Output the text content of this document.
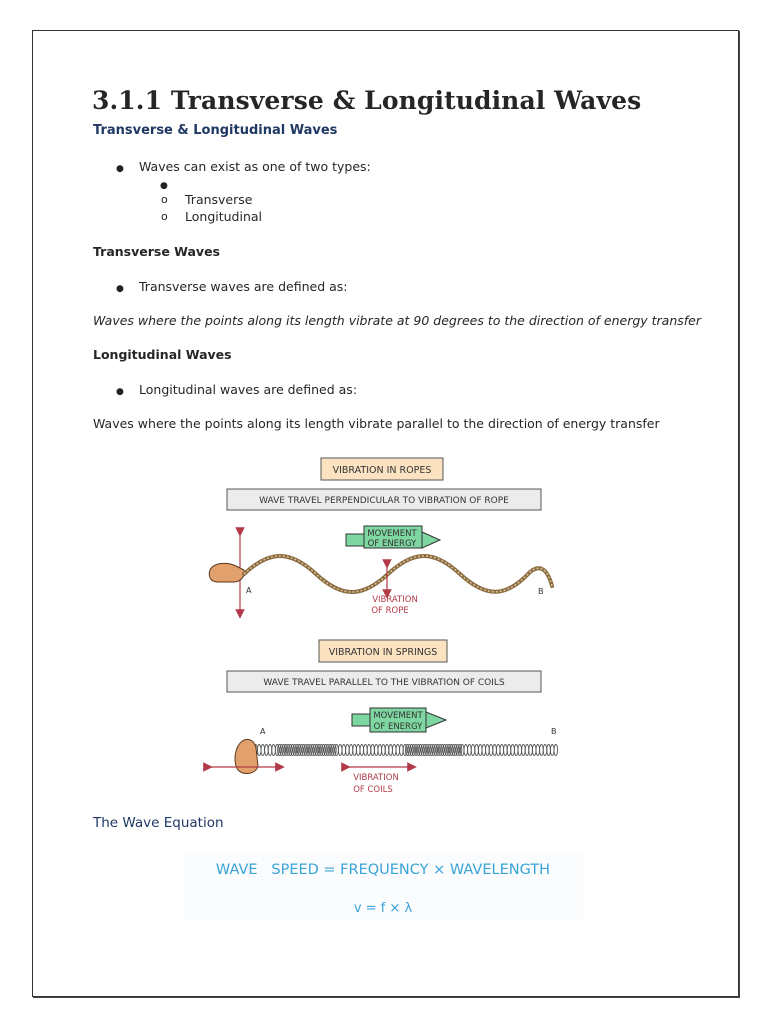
3.1.1 Transverse & Longitudinal Waves
Transverse & Longitudinal Waves
● Waves can exist as one of two types:
●
o Transverse
o Longitudinal
Transverse Waves
● Transverse waves are defined as:
Waves where the points along its length vibrate at 90 degrees to the direction of energy transfer
Longitudinal Waves
● Longitudinal waves are defined as:
Waves where the points along its length vibrate parallel to the direction of energy transfer
VIBRATION IN ROPES
WAVE TRAVEL PERPENDICULAR TO VIBRATION OF ROPE
MOVEMENT
OF ENERGY
A	B
VIBRATION
OF ROPE
VIBRATION IN SPRINGS
WAVE TRAVEL PARALLEL TO THE VIBRATION OF COILS
MOVEMENT
OF ENERGY
A	B
VIBRATION
OF COILS
The Wave Equation
WAVE   SPEED = FREQUENCY × WAVELENGTH
v = f × λ
